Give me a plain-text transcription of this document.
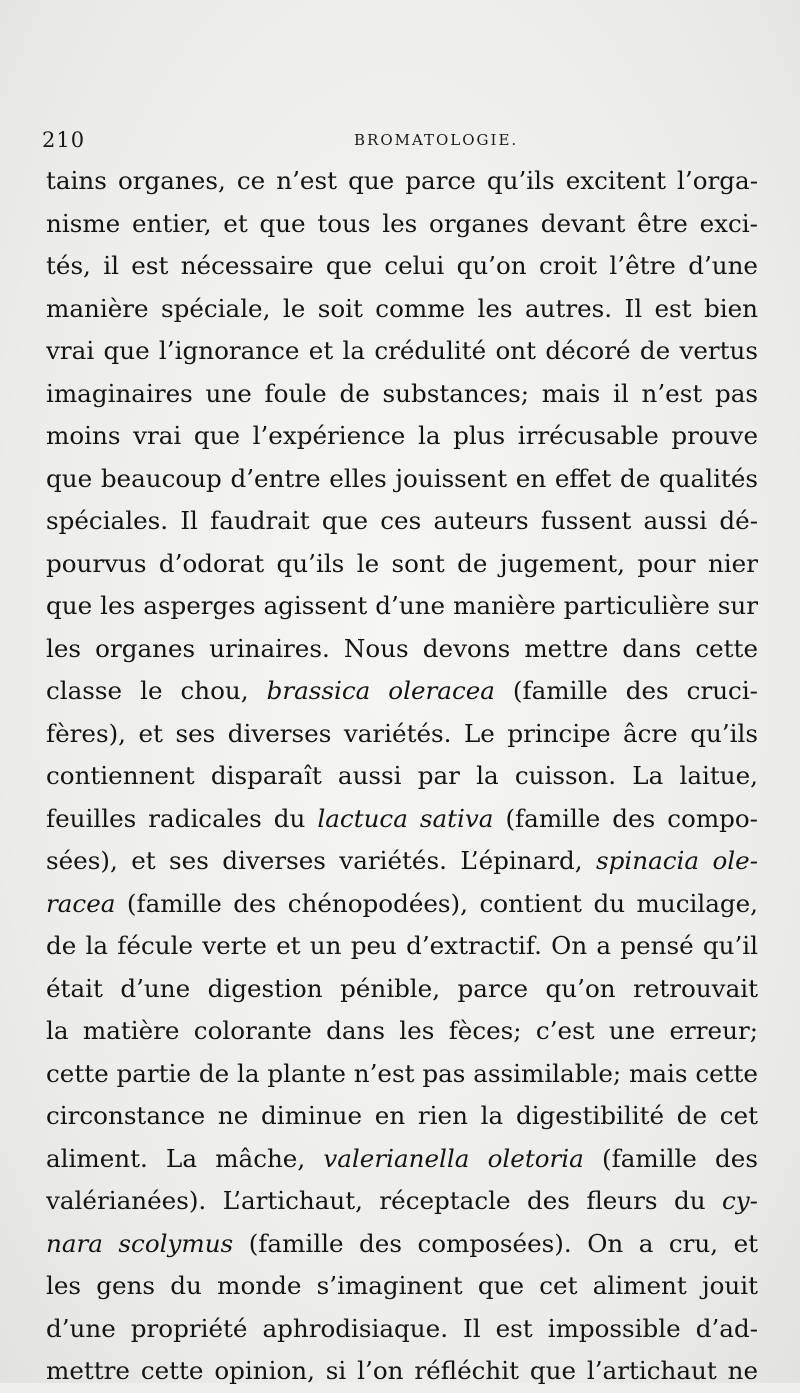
210	BROMATOLOGIE.
tains organes, ce n’est que parce qu’ils excitent l’orga-
nisme entier, et que tous les organes devant être exci-
tés, il est nécessaire que celui qu’on croit l’être d’une
manière spéciale, le soit comme les autres. Il est bien
vrai que l’ignorance et la crédulité ont décoré de vertus
imaginaires une foule de substances; mais il n’est pas
moins vrai que l’expérience la plus irrécusable prouve
que beaucoup d’entre elles jouissent en effet de qualités
spéciales. Il faudrait que ces auteurs fussent aussi dé-
pourvus d’odorat qu’ils le sont de jugement, pour nier
que les asperges agissent d’une manière particulière sur
les organes urinaires. Nous devons mettre dans cette
classe le chou, brassica oleracea (famille des cruci-
fères), et ses diverses variétés. Le principe âcre qu’ils
contiennent disparaît aussi par la cuisson. La laitue,
feuilles radicales du lactuca sativa (famille des compo-
sées), et ses diverses variétés. L’épinard, spinacia ole-
racea (famille des chénopodées), contient du mucilage,
de la fécule verte et un peu d’extractif. On a pensé qu’il
était d’une digestion pénible, parce qu’on retrouvait
la matière colorante dans les fèces; c’est une erreur;
cette partie de la plante n’est pas assimilable; mais cette
circonstance ne diminue en rien la digestibilité de cet
aliment. La mâche, valerianella oletoria (famille des
valérianées). L’artichaut, réceptacle des fleurs du cy-
nara scolymus (famille des composées). On a cru, et
les gens du monde s’imaginent que cet aliment jouit
d’une propriété aphrodisiaque. Il est impossible d’ad-
mettre cette opinion, si l’on réfléchit que l’artichaut ne
